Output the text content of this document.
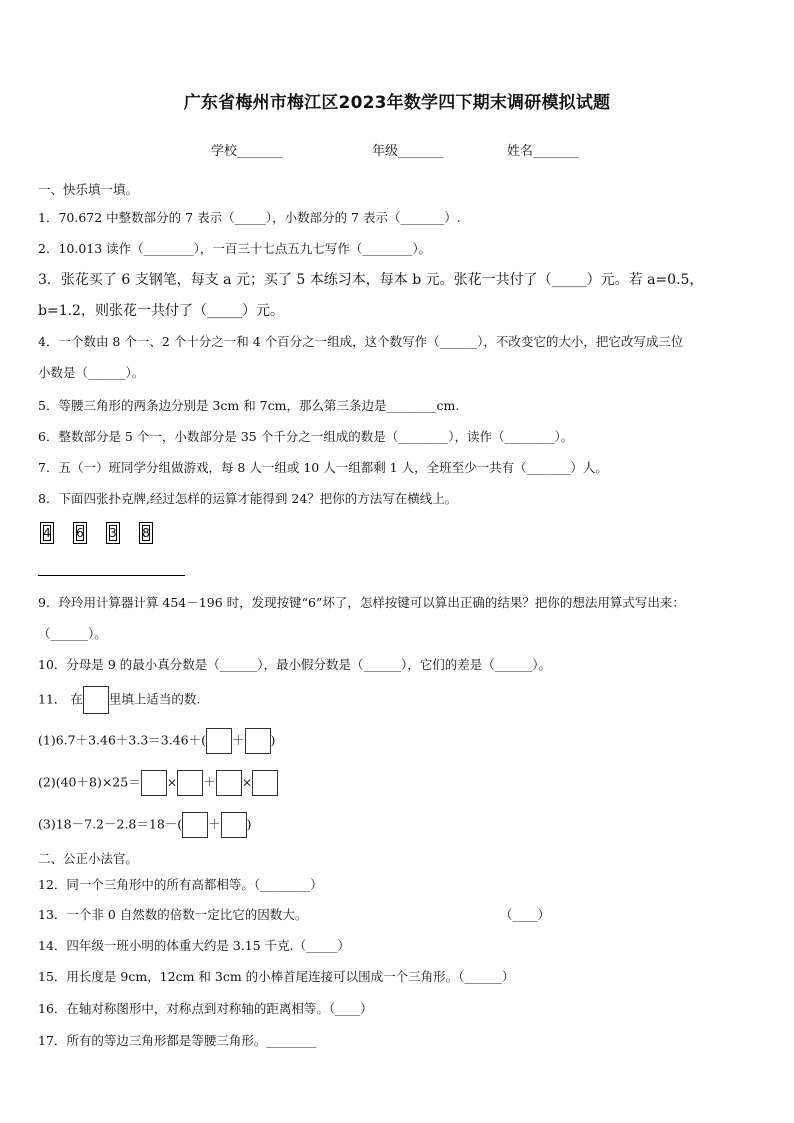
广东省梅州市梅江区2023年数学四下期末调研模拟试题
学校_______	年级_______	姓名_______
一、快乐填一填。
1．70.672 中整数部分的 7 表示（_____），小数部分的 7 表示（_______）.
2．10.013 读作（________），一百三十七点五九七写作（________）。
3．张花买了 6 支钢笔，每支 a 元；买了 5 本练习本，每本 b 元。张花一共付了（_____）元。若 a=0.5，
b=1.2，则张花一共付了（_____）元。
4．一个数由 8 个一、2 个十分之一和 4 个百分之一组成，这个数写作（______），不改变它的大小，把它改写成三位
小数是（______）。
5．等腰三角形的两条边分别是 3cm 和 7cm，那么第三条边是________cm.
6．整数部分是 5 个一，小数部分是 35 个千分之一组成的数是（________），读作（________）。
7．五（一）班同学分组做游戏，每 8 人一组或 10 人一组都剩 1 人，全班至少一共有（_______）人。
8．下面四张扑克牌,经过怎样的运算才能得到 24？把你的方法写在横线上。
4 6 3 8
9．玲玲用计算器计算 454－196 时，发现按键“6”坏了，怎样按键可以算出正确的结果？把你的想法用算式写出来：
（______）。
10．分母是 9 的最小真分数是（______），最小假分数是（______），它们的差是（______）。
11． 在 里填上适当的数.
(1)6.7＋3.46＋3.3＝3.46＋( ＋ )
(2)(40＋8)×25＝ × ＋ ×
(3)18－7.2－2.8＝18－( ＋ )
二、公正小法官。
12．同一个三角形中的所有高都相等。（________）
13．一个非 0 自然数的倍数一定比它的因数大。	（____）
14．四年级一班小明的体重大约是 3.15 千克.（_____）
15．用长度是 9cm，12cm 和 3cm 的小棒首尾连接可以围成一个三角形。（______）
16．在轴对称图形中，对称点到对称轴的距离相等。（____）
17．所有的等边三角形都是等腰三角形。________
